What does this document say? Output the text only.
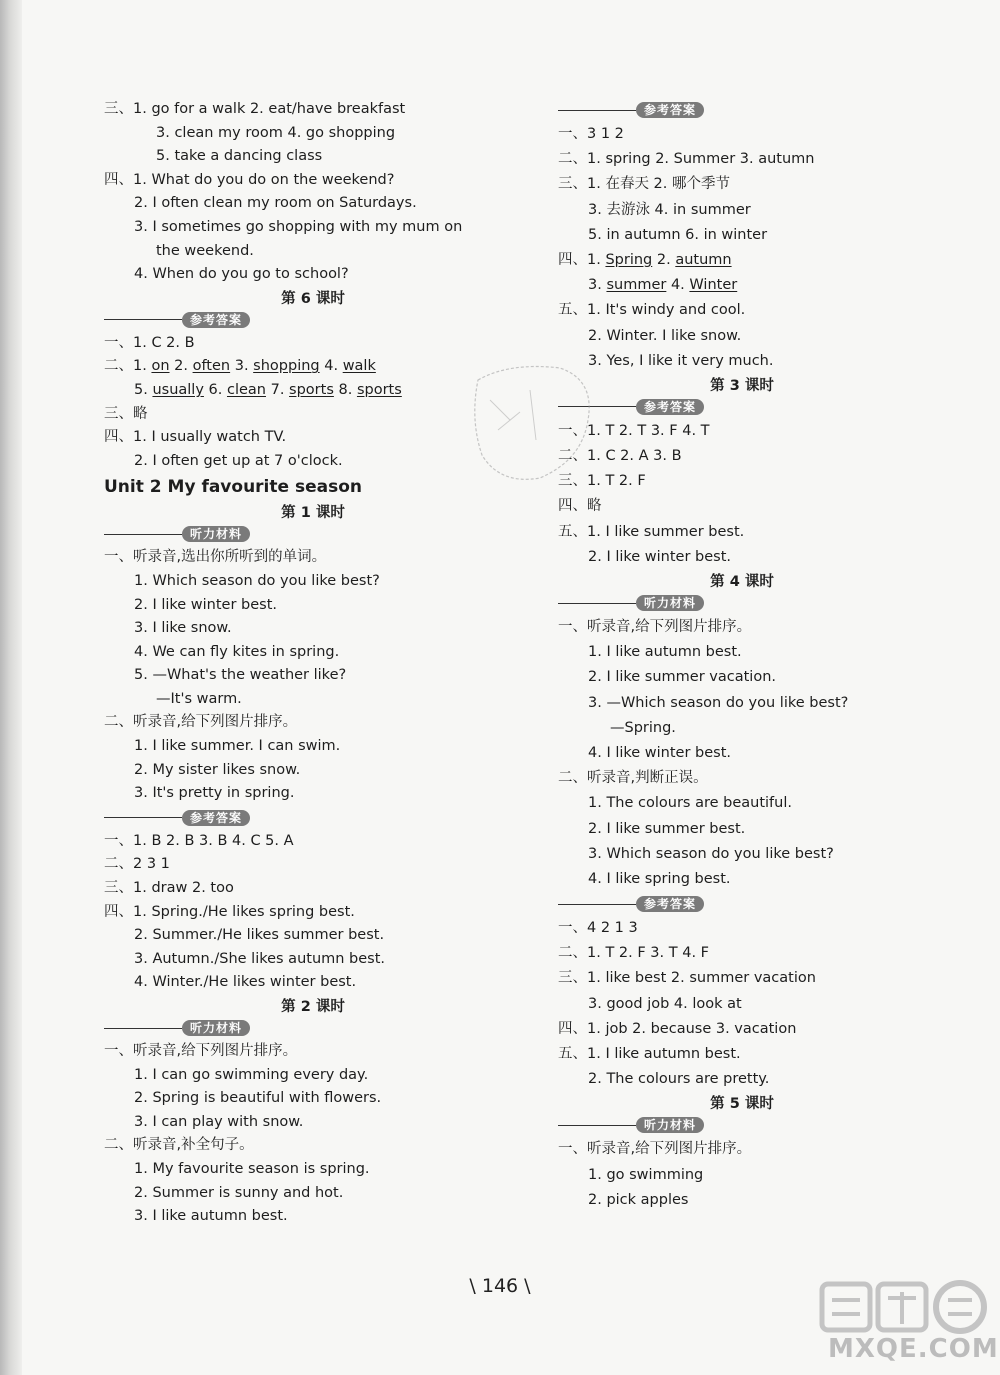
三、1. go for a walk 2. eat/have breakfast
3. clean my room 4. go shopping
5. take a dancing class
四、1. What do you do on the weekend?
2. I often clean my room on Saturdays.
3. I sometimes go shopping with my mum on
the weekend.
4. When do you go to school?
第 6 课时
参考答案
一、1. C 2. B
二、1. on 2. often 3. shopping 4. walk
5. usually 6. clean 7. sports 8. sports
三、略
四、1. I usually watch TV.
2. I often get up at 7 o'clock.
Unit 2 My favourite season
第 1 课时
听力材料
一、听录音,选出你所听到的单词。
1. Which season do you like best?
2. I like winter best.
3. I like snow.
4. We can fly kites in spring.
5. —What's the weather like?
—It's warm.
二、听录音,给下列图片排序。
1. I like summer. I can swim.
2. My sister likes snow.
3. It's pretty in spring.
参考答案
一、1. B 2. B 3. B 4. C 5. A
二、2 3 1
三、1. draw 2. too
四、1. Spring./He likes spring best.
2. Summer./He likes summer best.
3. Autumn./She likes autumn best.
4. Winter./He likes winter best.
第 2 课时
听力材料
一、听录音,给下列图片排序。
1. I can go swimming every day.
2. Spring is beautiful with flowers.
3. I can play with snow.
二、听录音,补全句子。
1. My favourite season is spring.
2. Summer is sunny and hot.
3. I like autumn best.
参考答案
一、3 1 2
二、1. spring 2. Summer 3. autumn
三、1. 在春天 2. 哪个季节
3. 去游泳 4. in summer
5. in autumn 6. in winter
四、1. Spring 2. autumn
3. summer 4. Winter
五、1. It's windy and cool.
2. Winter. I like snow.
3. Yes, I like it very much.
第 3 课时
参考答案
一、1. T 2. T 3. F 4. T
二、1. C 2. A 3. B
三、1. T 2. F
四、略
五、1. I like summer best.
2. I like winter best.
第 4 课时
听力材料
一、听录音,给下列图片排序。
1. I like autumn best.
2. I like summer vacation.
3. —Which season do you like best?
—Spring.
4. I like winter best.
二、听录音,判断正误。
1. The colours are beautiful.
2. I like summer best.
3. Which season do you like best?
4. I like spring best.
参考答案
一、4 2 1 3
二、1. T 2. F 3. T 4. F
三、1. like best 2. summer vacation
3. good job 4. look at
四、1. job 2. because 3. vacation
五、1. I like autumn best.
2. The colours are pretty.
第 5 课时
听力材料
一、听录音,给下列图片排序。
1. go swimming
2. pick apples
\ 146 \
MXQE.COM
